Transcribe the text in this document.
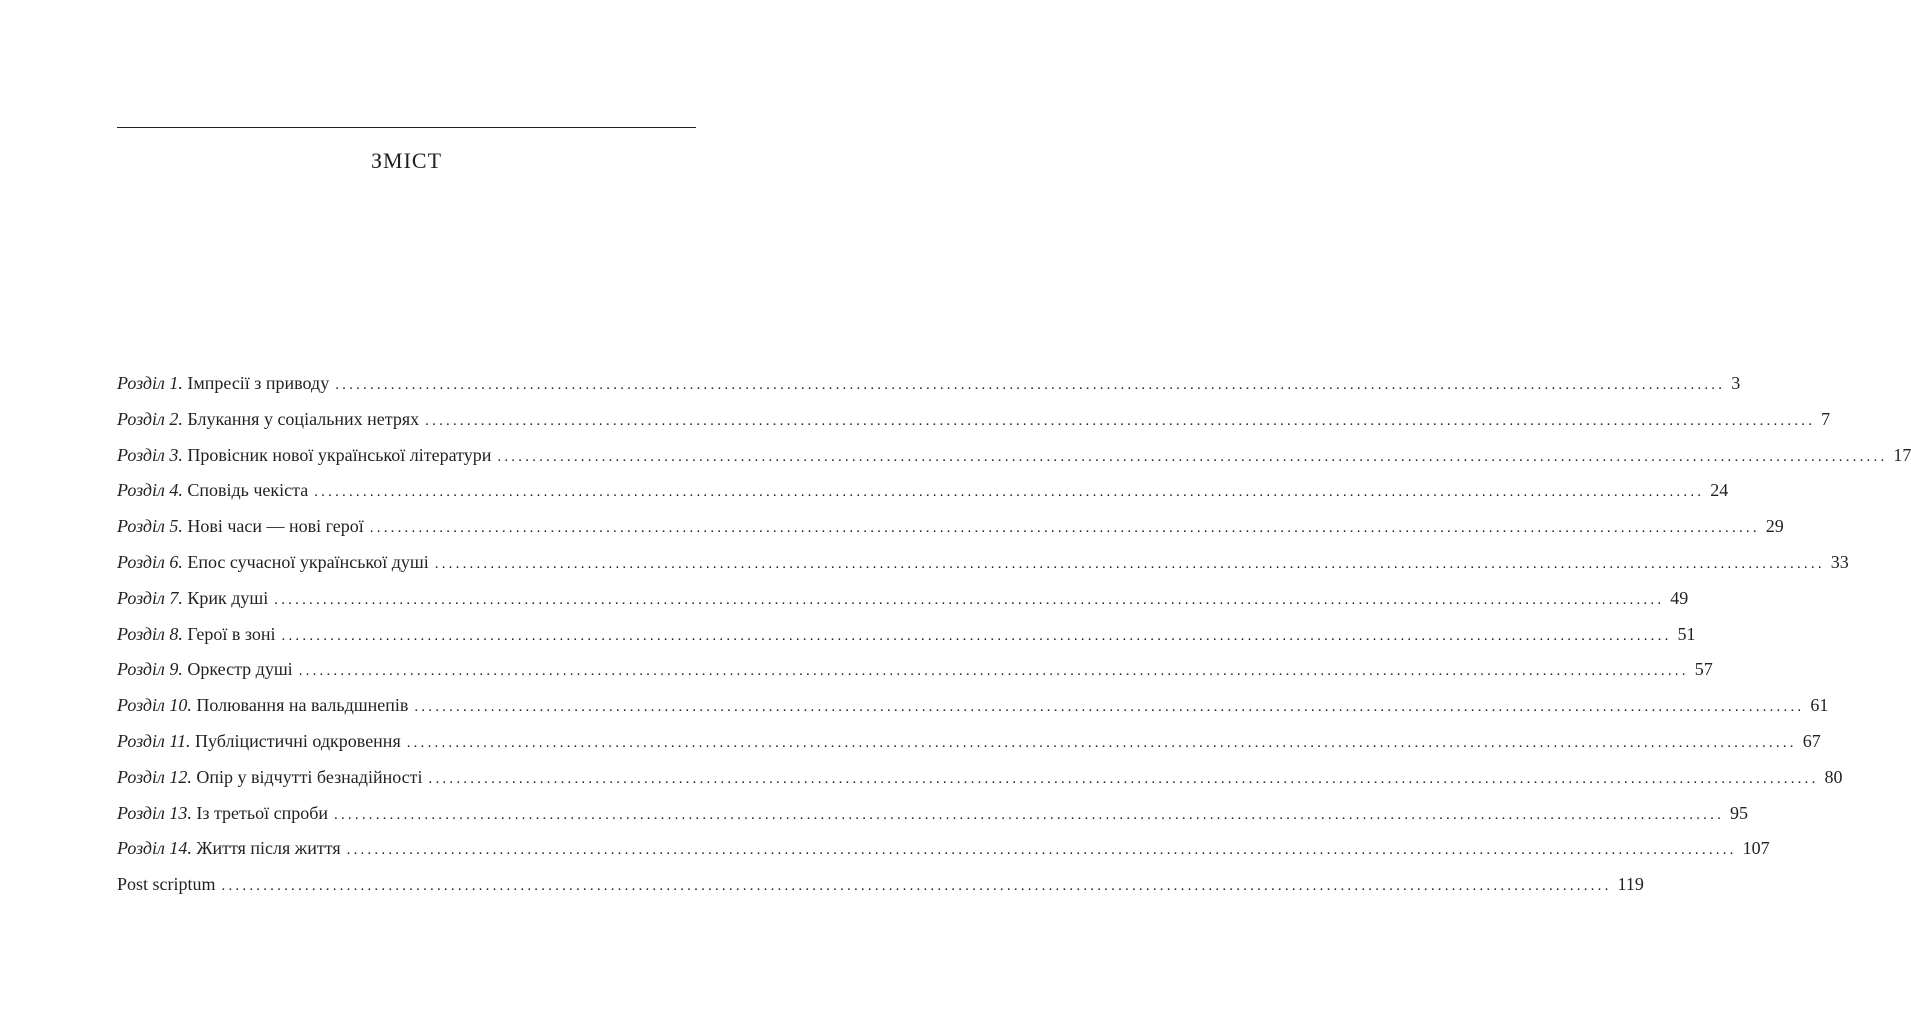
ЗМІСТ
Розділ 1. Імпресії з приводу ........................................................................................................................................................................................................ 3
Розділ 2. Блукання у соціальних нетрях ........................................................................................................................................................................................................ 7
Розділ 3. Провісник нової української літератури ........................................................................................................................................................................................................ 17
Розділ 4. Сповідь чекіста ........................................................................................................................................................................................................ 24
Розділ 5. Нові часи — нові герої ........................................................................................................................................................................................................ 29
Розділ 6. Епос сучасної української душі ........................................................................................................................................................................................................ 33
Розділ 7. Крик душі ........................................................................................................................................................................................................ 49
Розділ 8. Герої в зоні ........................................................................................................................................................................................................ 51
Розділ 9. Оркестр душі ........................................................................................................................................................................................................ 57
Розділ 10. Полювання на вальдшнепів ........................................................................................................................................................................................................ 61
Розділ 11. Публіцистичні одкровення ........................................................................................................................................................................................................ 67
Розділ 12. Опір у відчутті безнадійності ........................................................................................................................................................................................................ 80
Розділ 13. Із третьої спроби ........................................................................................................................................................................................................ 95
Розділ 14. Життя після життя ........................................................................................................................................................................................................ 107
Post scriptum ........................................................................................................................................................................................................ 119
